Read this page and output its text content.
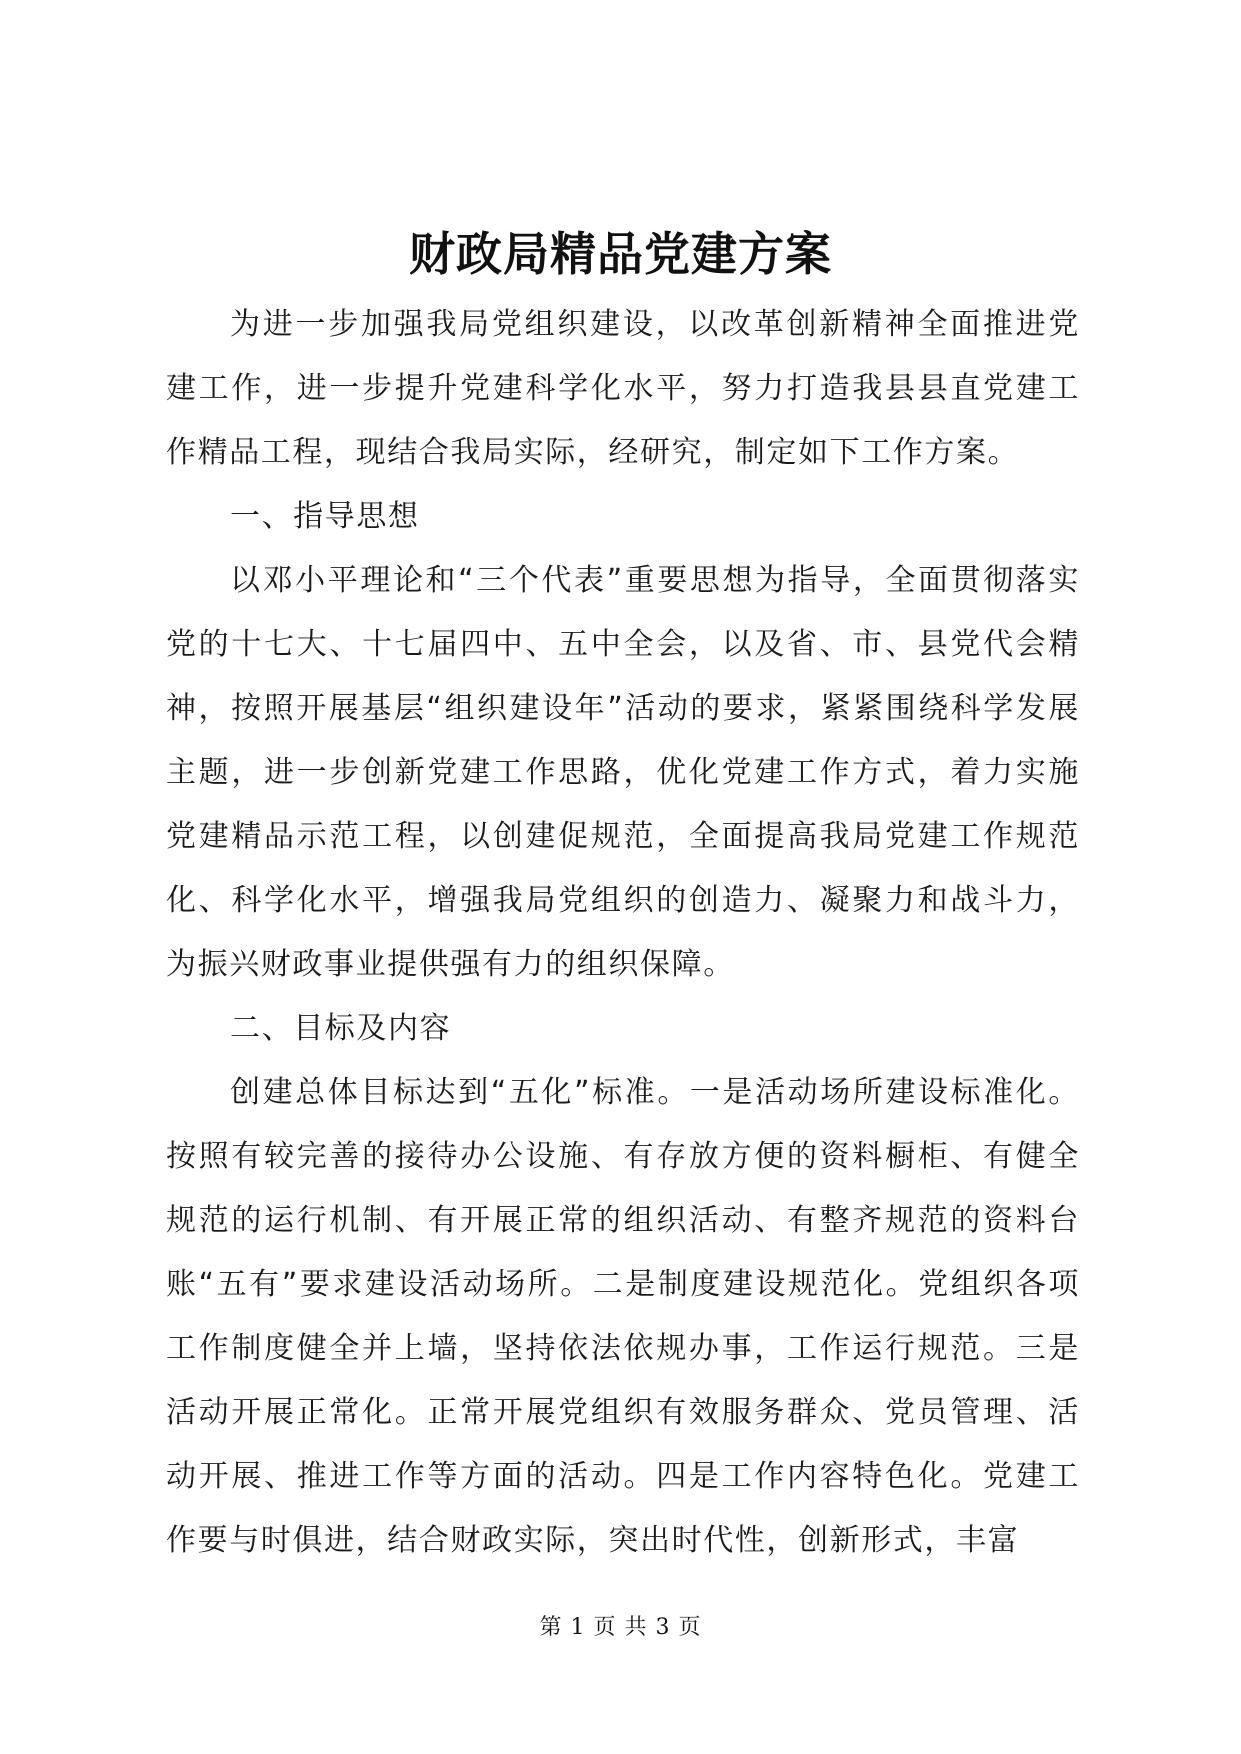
财政局精品党建方案

为进一步加强我局党组织建设，以改革创新精神全面推进党建工作，进一步提升党建科学化水平，努力打造我县县直党建工作精品工程，现结合我局实际，经研究，制定如下工作方案。

一、指导思想

以邓小平理论和“三个代表”重要思想为指导，全面贯彻落实党的十七大、十七届四中、五中全会，以及省、市、县党代会精神，按照开展基层“组织建设年”活动的要求，紧紧围绕科学发展主题，进一步创新党建工作思路，优化党建工作方式，着力实施党建精品示范工程，以创建促规范，全面提高我局党建工作规范化、科学化水平，增强我局党组织的创造力、凝聚力和战斗力，为振兴财政事业提供强有力的组织保障。

二、目标及内容

创建总体目标达到“五化”标准。一是活动场所建设标准化。按照有较完善的接待办公设施、有存放方便的资料橱柜、有健全规范的运行机制、有开展正常的组织活动、有整齐规范的资料台账“五有”要求建设活动场所。二是制度建设规范化。党组织各项工作制度健全并上墙，坚持依法依规办事，工作运行规范。三是活动开展正常化。正常开展党组织有效服务群众、党员管理、活动开展、推进工作等方面的活动。四是工作内容特色化。党建工作要与时俱进，结合财政实际，突出时代性，创新形式，丰富

第 1 页 共 3 页
